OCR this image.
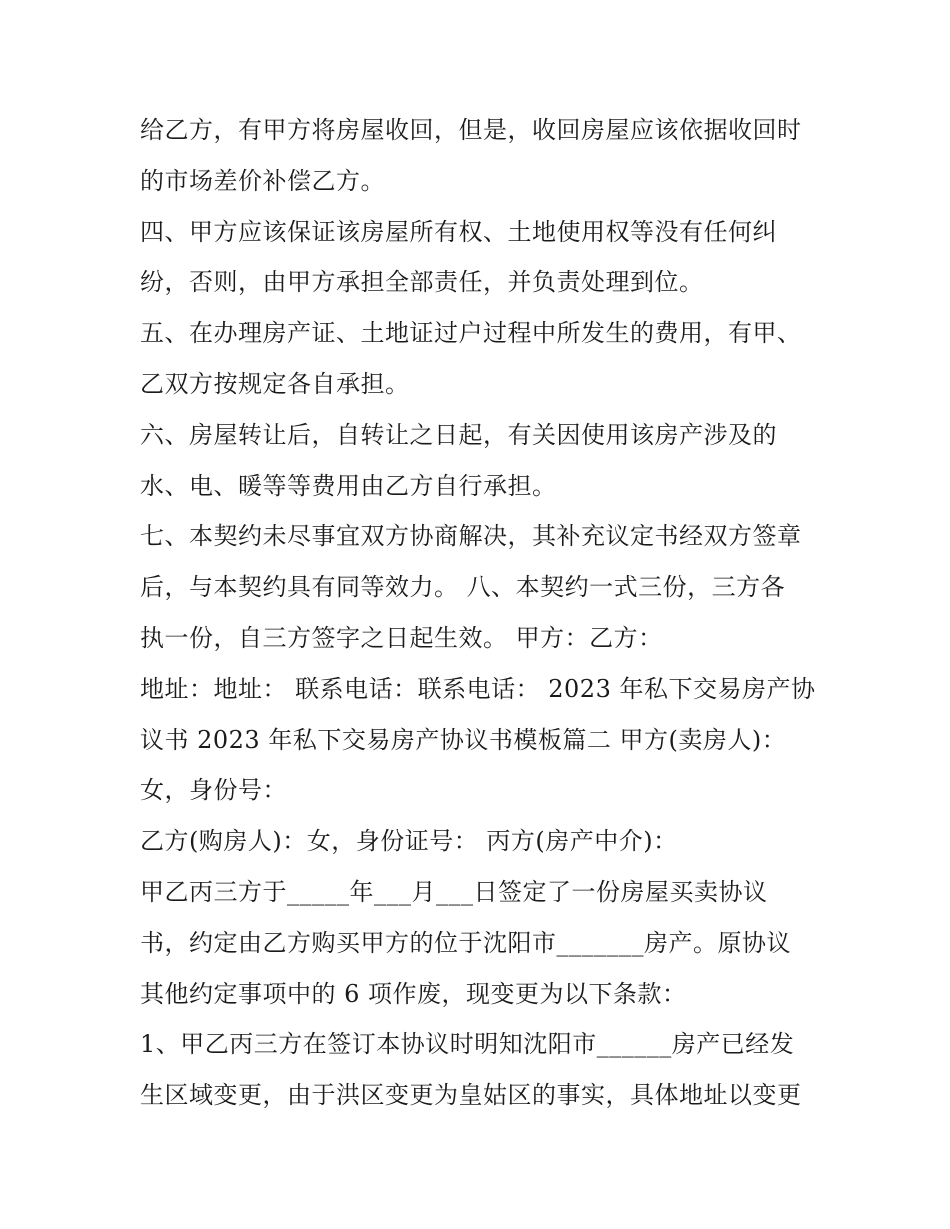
给乙方，有甲方将房屋收回，但是，收回房屋应该依据收回时
的市场差价补偿乙方。
四、甲方应该保证该房屋所有权、土地使用权等没有任何纠
纷，否则，由甲方承担全部责任，并负责处理到位。
五、在办理房产证、土地证过户过程中所发生的费用，有甲、
乙双方按规定各自承担。
六、房屋转让后，自转让之日起，有关因使用该房产涉及的
水、电、暖等等费用由乙方自行承担。
七、本契约未尽事宜双方协商解决，其补充议定书经双方签章
后，与本契约具有同等效力。 八、本契约一式三份，三方各
执一份，自三方签字之日起生效。 甲方：乙方：
地址：地址： 联系电话：联系电话： 2023 年私下交易房产协
议书 2023 年私下交易房产协议书模板篇二 甲方(卖房人)：
女，身份号：
乙方(购房人)：女，身份证号： 丙方(房产中介)：
甲乙丙三方于_____年___月___日签定了一份房屋买卖协议
书，约定由乙方购买甲方的位于沈阳市_______房产。原协议
其他约定事项中的 6 项作废，现变更为以下条款：
1、甲乙丙三方在签订本协议时明知沈阳市______房产已经发
生区域变更，由于洪区变更为皇姑区的事实，具体地址以变更
